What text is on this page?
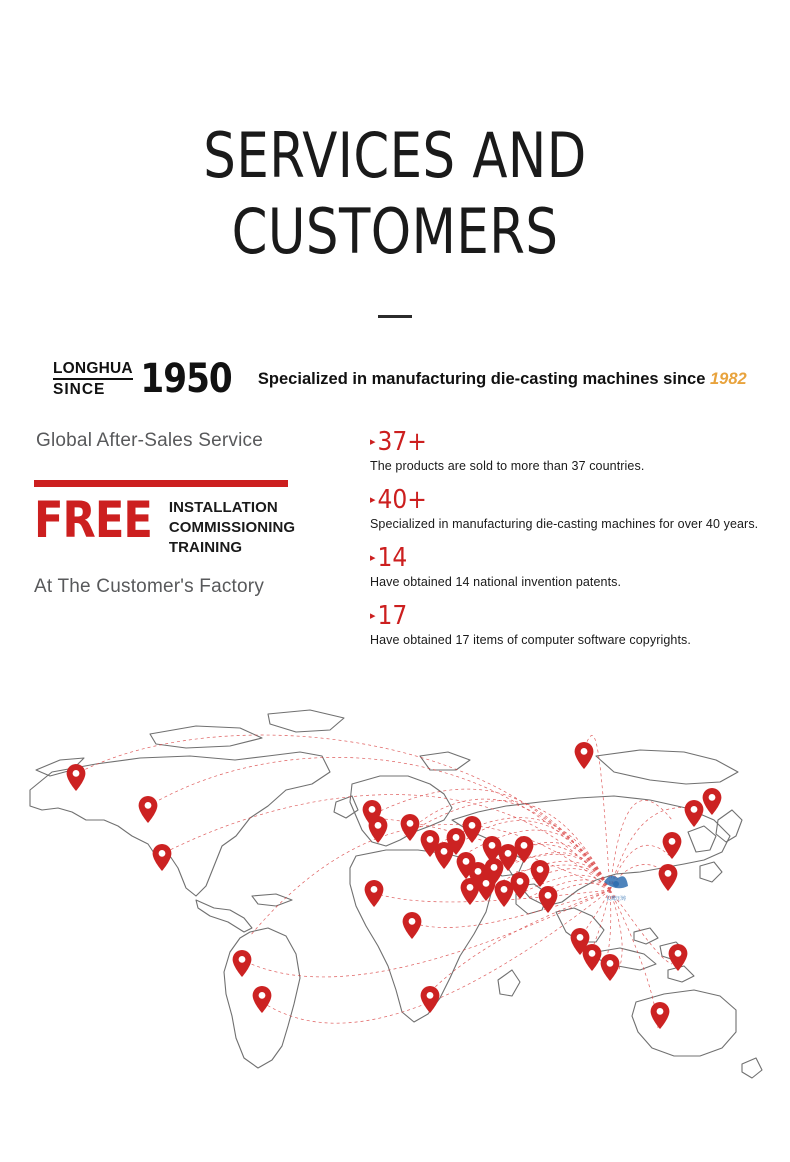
SERVICES AND
CUSTOMERS
LONGHUA
SINCE 1950 Specialized in manufacturing die-casting machines since 1982
Global After-Sales Service
FREE INSTALLATION
COMMISSIONING
TRAINING
At The Customer's Factory
▸ 37+
The products are sold to more than 37 countries.
▸ 40+
Specialized in manufacturing die-casting machines for over 40 years.
▸ 14
Have obtained 14 national invention patents.
▸ 17
Have obtained 17 items of computer software copyrights.
长鹰压铸
